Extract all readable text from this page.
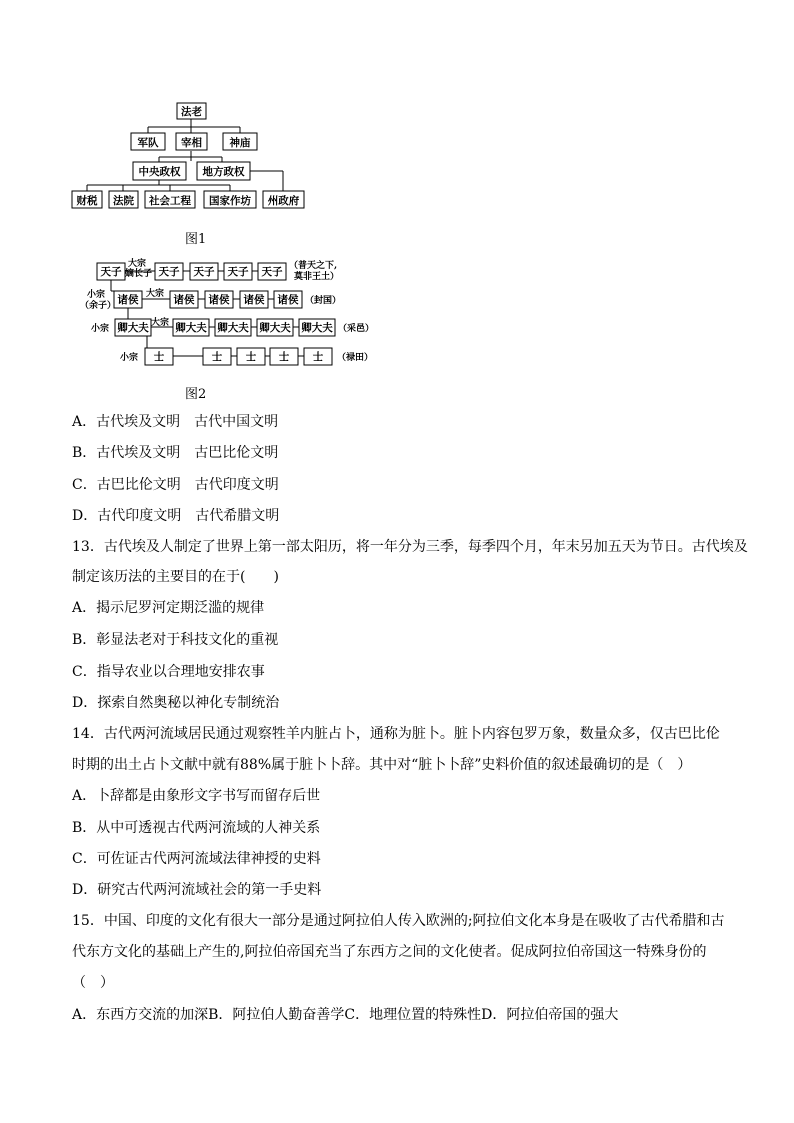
法老
军队 宰相	神庙
中央政权 地方政权
财税 法院 社会工程 国家作坊 州政府
图1
天子	天子 天子 天子 天子
诸侯	诸侯 诸侯 诸侯 诸侯
卿大夫	卿大夫 卿大夫 卿大夫 卿大夫
士	士 士 士 士
大宗
嫡长子
（普天之下,
莫非王土）
小宗
（余子）
大宗
（封国）
小宗
大宗
（采邑）
小宗	（禄田）
图2
A．古代埃及文明　古代中国文明
B．古代埃及文明　古巴比伦文明
C．古巴比伦文明　古代印度文明
D．古代印度文明　古代希腊文明
13．古代埃及人制定了世界上第一部太阳历，将一年分为三季，每季四个月，年末另加五天为节日。古代埃及
制定该历法的主要目的在于(　　)
A．揭示尼罗河定期泛滥的规律
B．彰显法老对于科技文化的重视
C．指导农业以合理地安排农事
D．探索自然奥秘以神化专制统治
14．古代两河流域居民通过观察牲羊内脏占卜，通称为脏卜。脏卜内容包罗万象，数量众多，仅古巴比伦
时期的出土占卜文献中就有88%属于脏卜卜辞。其中对“脏卜卜辞”史料价值的叙述最确切的是（　）
A．卜辞都是由象形文字书写而留存后世
B．从中可透视古代两河流域的人神关系
C．可佐证古代两河流域法律神授的史料
D．研究古代两河流域社会的第一手史料
15．中国、印度的文化有很大一部分是通过阿拉伯人传入欧洲的;阿拉伯文化本身是在吸收了古代希腊和古
代东方文化的基础上产生的,阿拉伯帝国充当了东西方之间的文化使者。促成阿拉伯帝国这一特殊身份的
（　）
A．东西方交流的加深B．阿拉伯人勤奋善学C．地理位置的特殊性D．阿拉伯帝国的强大
